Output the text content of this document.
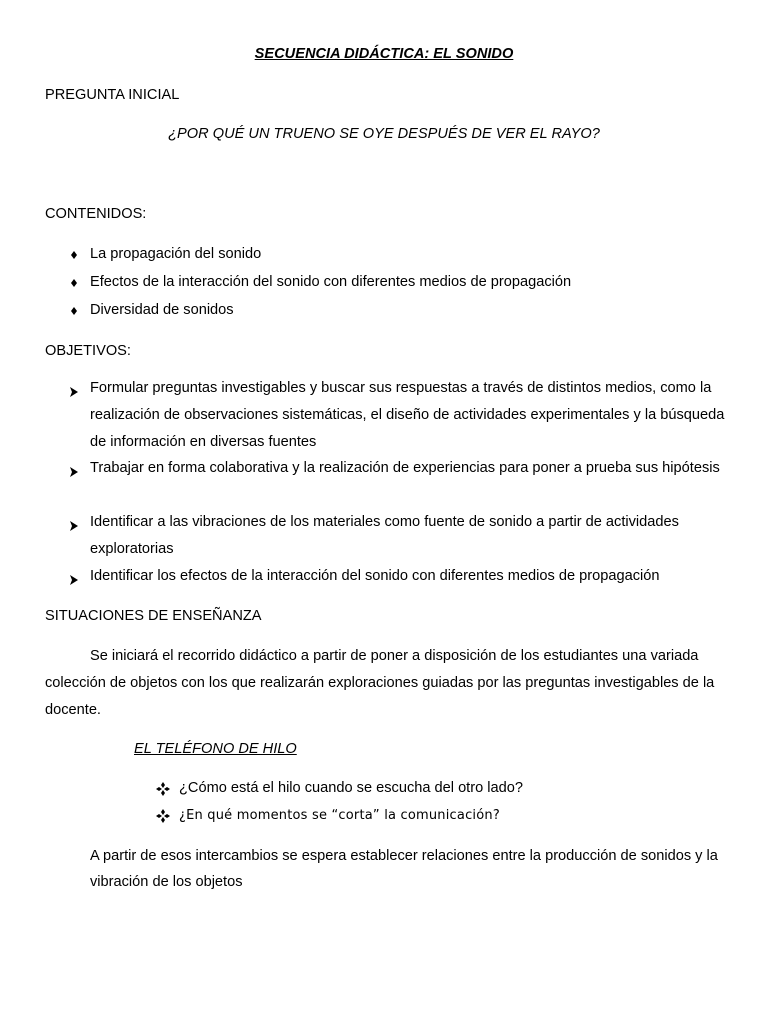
SECUENCIA DIDÁCTICA: EL SONIDO
PREGUNTA INICIAL
¿POR QUÉ UN TRUENO SE OYE DESPUÉS DE VER EL RAYO?
CONTENIDOS:
La propagación del sonido
Efectos de la interacción del sonido con diferentes medios de propagación
Diversidad de sonidos
OBJETIVOS:
Formular preguntas investigables y buscar sus respuestas a través de distintos medios, como la realización de observaciones sistemáticas, el diseño de actividades experimentales y la búsqueda de información en diversas fuentes
Trabajar en forma colaborativa y la realización de experiencias para poner a prueba sus hipótesis
Identificar a las vibraciones de los materiales como fuente de sonido a partir de actividades exploratorias
Identificar los efectos de la interacción del sonido con diferentes medios de propagación
SITUACIONES DE ENSEÑANZA
Se iniciará el recorrido didáctico a partir de poner a disposición de los estudiantes una variada colección de objetos con los que realizarán exploraciones guiadas por las preguntas investigables de la docente.
EL TELÉFONO DE HILO
¿Cómo está el hilo cuando se escucha del otro lado?
¿En qué momentos se “corta” la comunicación?
A partir de esos intercambios se espera establecer relaciones entre la producción de sonidos y la vibración de los objetos
